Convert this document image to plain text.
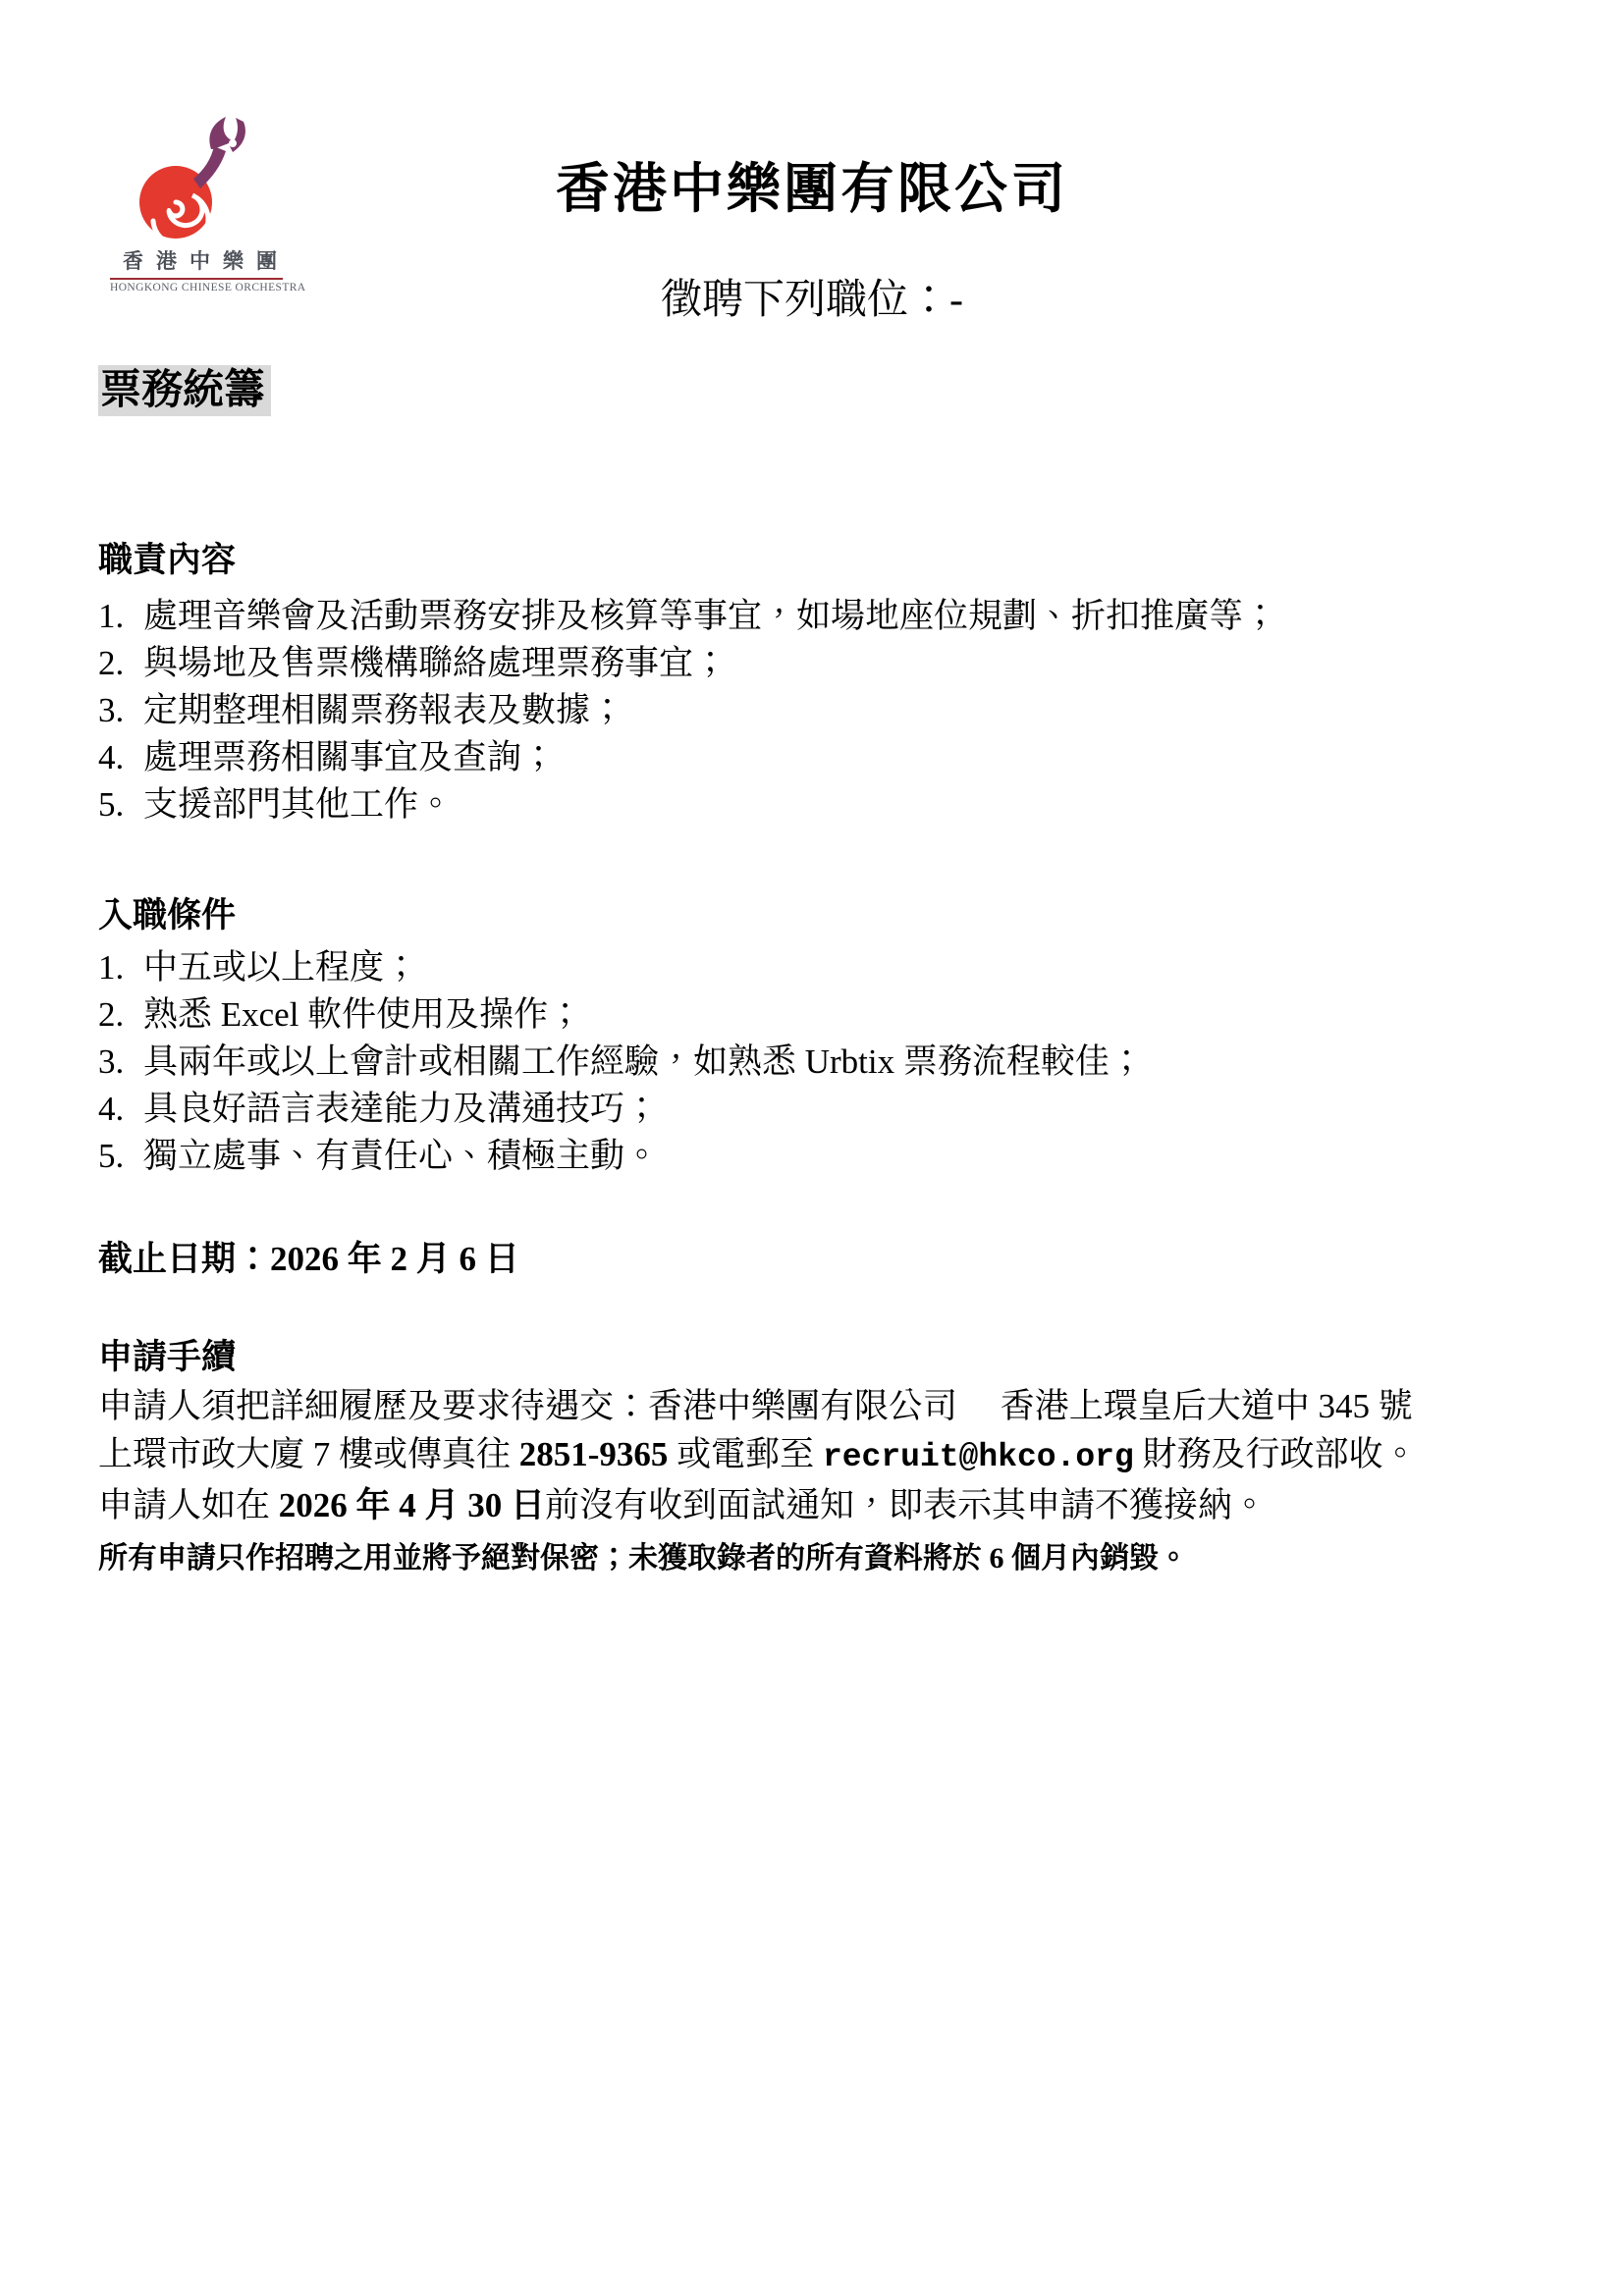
香港中樂團
HONGKONG CHINESE ORCHESTRA
香港中樂團有限公司
徵聘下列職位：-
票務統籌
職責內容
1. 處理音樂會及活動票務安排及核算等事宜，如場地座位規劃、折扣推廣等；
2. 與場地及售票機構聯絡處理票務事宜；
3. 定期整理相關票務報表及數據；
4. 處理票務相關事宜及查詢；
5. 支援部門其他工作。
入職條件
1. 中五或以上程度；
2. 熟悉 Excel 軟件使用及操作；
3. 具兩年或以上會計或相關工作經驗，如熟悉 Urbtix 票務流程較佳；
4. 具良好語言表達能力及溝通技巧；
5. 獨立處事、有責任心、積極主動。

截止日期：2026 年 2 月 6 日

申請手續
申請人須把詳細履歷及要求待遇交：香港中樂團有限公司　 香港上環皇后大道中 345 號
上環市政大廈 7 樓或傳真往 2851-9365 或電郵至 recruit@hkco.org 財務及行政部收。
申請人如在 2026 年 4 月 30 日前沒有收到面試通知，即表示其申請不獲接納。

所有申請只作招聘之用並將予絕對保密；未獲取錄者的所有資料將於 6 個月內銷毀。
